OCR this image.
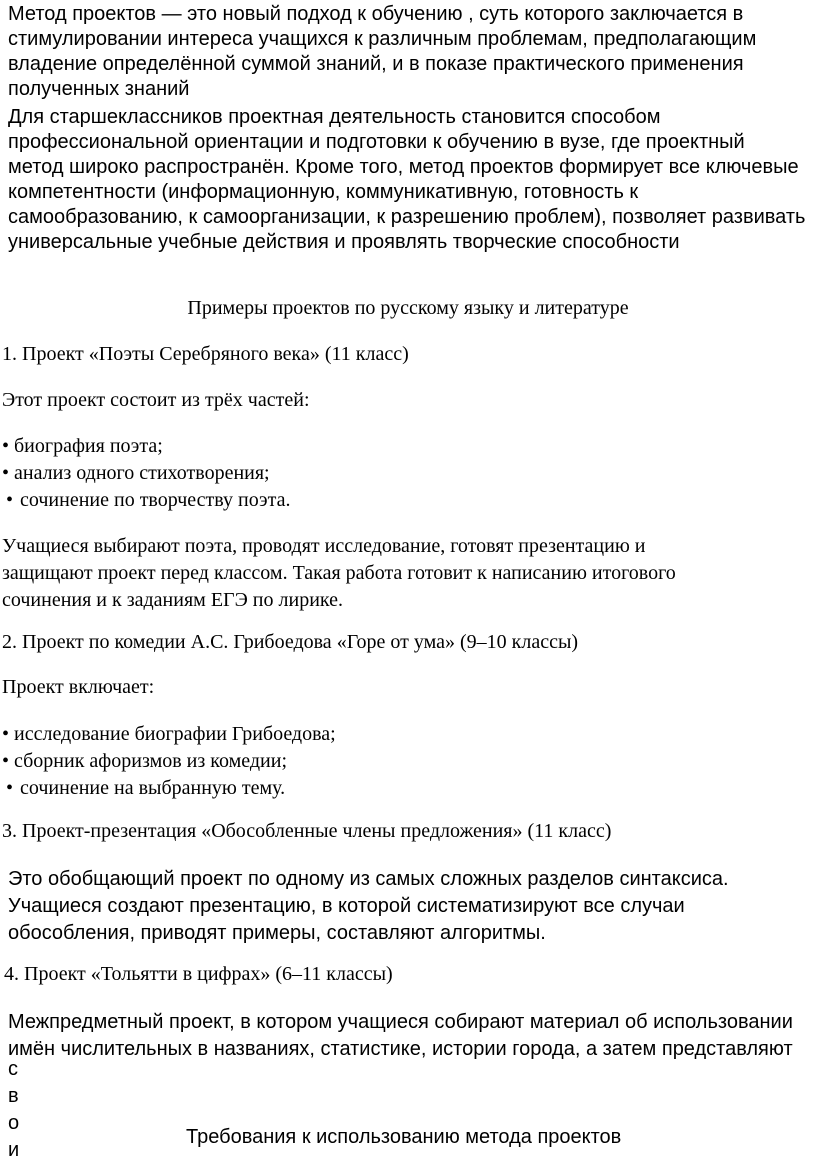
Метод проектов — это новый подход к обучению , суть которого заключается в
стимулировании интереса учащихся к различным проблемам, предполагающим
владение определённой суммой знаний, и в показе практического применения
полученных знаний
Для старшеклассников проектная деятельность становится способом
профессиональной ориентации и подготовки к обучению в вузе, где проектный
метод широко распространён. Кроме того, метод проектов формирует все ключевые
компетентности (информационную, коммуникативную, готовность к
самообразованию, к самоорганизации, к разрешению проблем), позволяет развивать
универсальные учебные действия и проявлять творческие способности
Примеры проектов по русскому языку и литературе
1. Проект «Поэты Серебряного века» (11 класс)
Этот проект состоит из трёх частей:
• биография поэта;
• анализ одного стихотворения;
• сочинение по творчеству поэта.
Учащиеся выбирают поэта, проводят исследование, готовят презентацию и
защищают проект перед классом. Такая работа готовит к написанию итогового
сочинения и к заданиям ЕГЭ по лирике.
2. Проект по комедии А.С. Грибоедова «Горе от ума» (9–10 классы)
Проект включает:
• исследование биографии Грибоедова;
• сборник афоризмов из комедии;
• сочинение на выбранную тему.
3. Проект-презентация «Обособленные члены предложения» (11 класс)
Это обобщающий проект по одному из самых сложных разделов синтаксиса.
Учащиеся создают презентацию, в которой систематизируют все случаи
обособления, приводят примеры, составляют алгоритмы.
4. Проект «Тольятти в цифрах» (6–11 классы)
Межпредметный проект, в котором учащиеся собирают материал об использовании
имён числительных в названиях, статистике, истории города, а затем представляют
с
в
о
и
Требования к использованию метода проектов
